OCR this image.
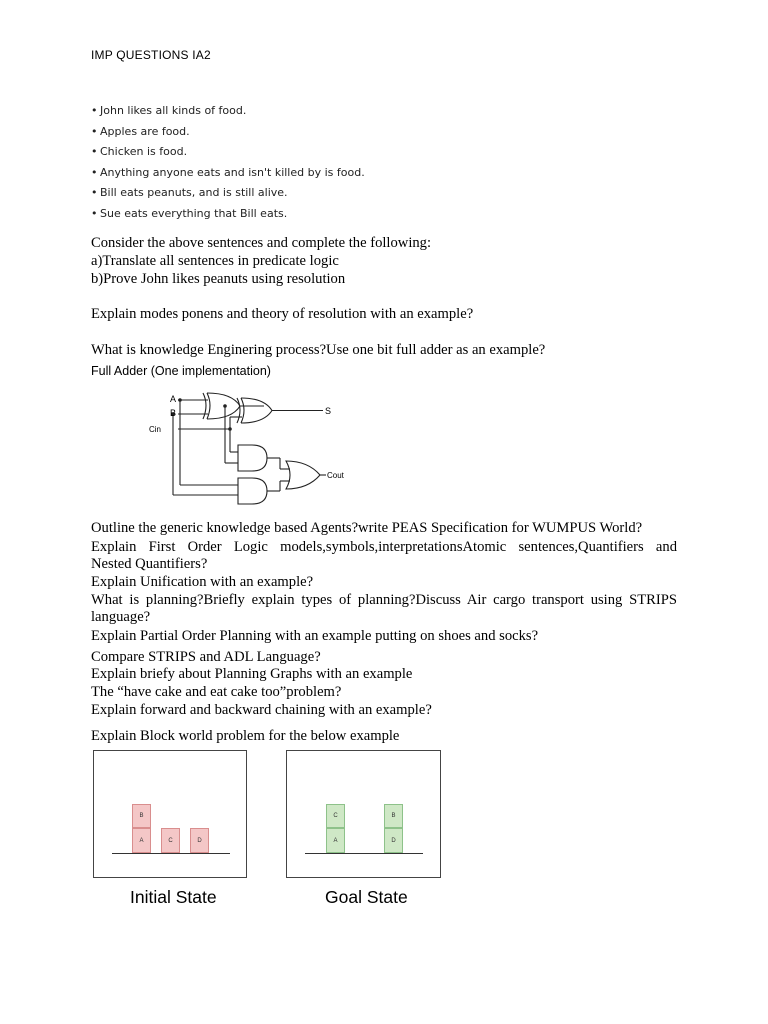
IMP QUESTIONS IA2
• John likes all kinds of food.
• Apples are food.
• Chicken is food.
• Anything anyone eats and isn't killed by is food.
• Bill eats peanuts, and is still alive.
• Sue eats everything that Bill eats.
Consider the above sentences and complete the following:
a)Translate all sentences in predicate logic
b)Prove John likes peanuts using resolution
Explain modes ponens and theory of resolution with an example?
What is knowledge Enginering process?Use one bit full adder as an example?
Full Adder (One implementation)
A
B
Cin
S
Cout
Outline the generic knowledge based Agents?write PEAS Specification for WUMPUS World?
Explain First Order Logic models,symbols,interpretationsAtomic sentences,Quantifiers and
Nested Quantifiers?
Explain Unification with an example?
What is planning?Briefly explain types of planning?Discuss Air cargo transport using STRIPS
language?
Explain Partial Order Planning with an example putting on shoes and socks?
Compare STRIPS and ADL Language?
Explain briefy about Planning Graphs with an example
The “have cake and eat cake too”problem?
Explain forward and backward chaining with an example?
Explain Block world problem for the below example
B
A	C	D
Initial State
C
A
B
D
Goal State
